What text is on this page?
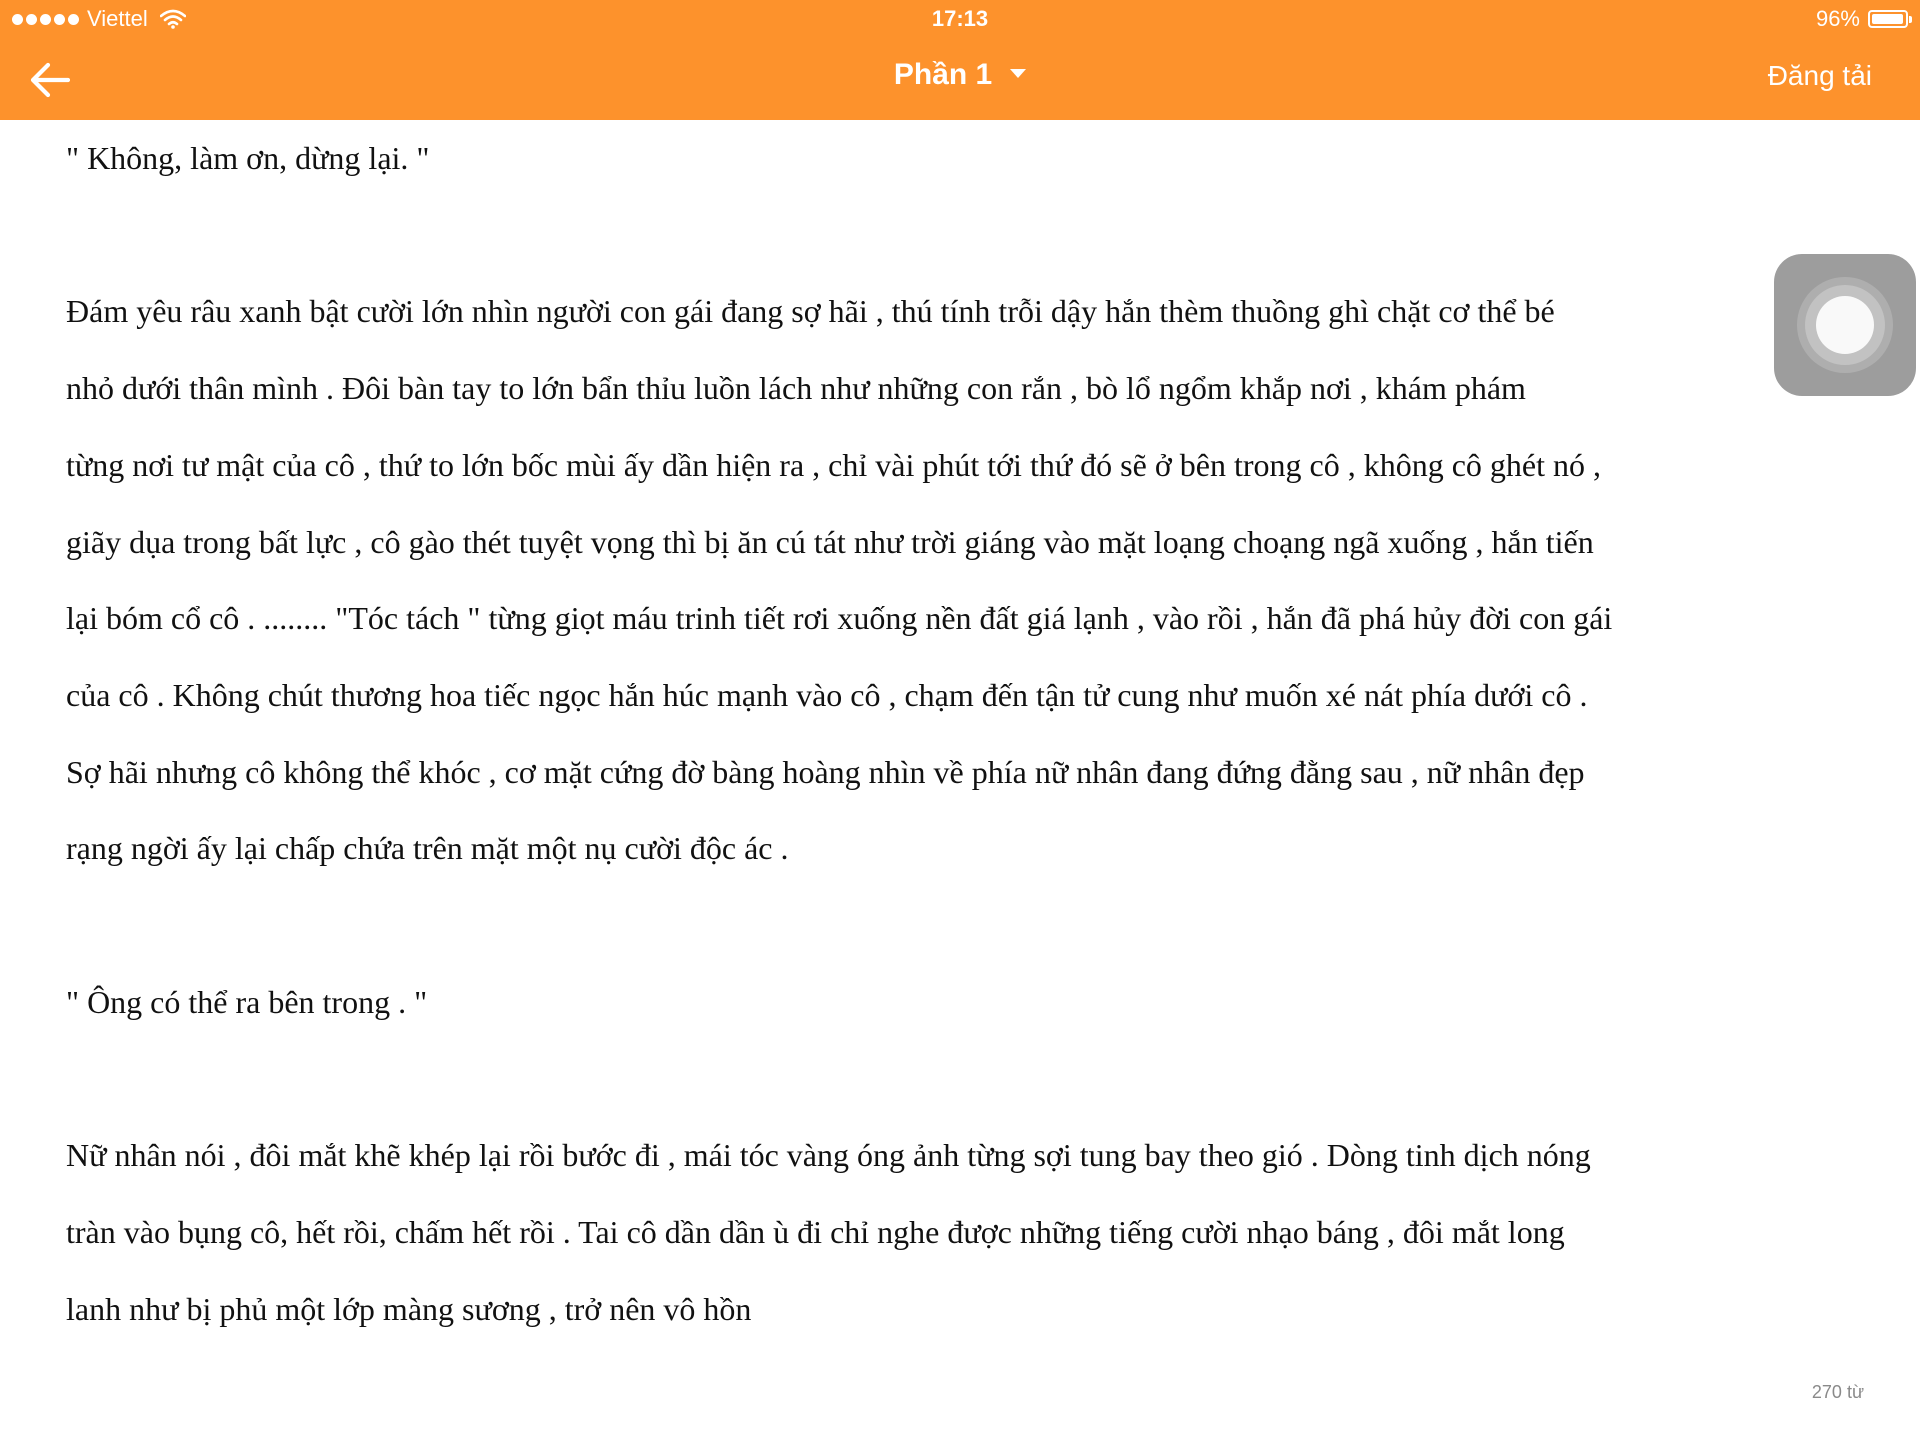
Viettel	17:13	96%
Phần 1	Đăng tải

" Không, làm ơn, dừng lại. "

Đám yêu râu xanh bật cười lớn nhìn người con gái đang sợ hãi , thú tính trỗi dậy hắn thèm thuồng ghì chặt cơ thể bé

nhỏ dưới thân mình . Đôi bàn tay to lớn bẩn thỉu luồn lách như những con rắn , bò lổ ngổm khắp nơi , khám phám

từng nơi tư mật của cô , thứ to lớn bốc mùi ấy dần hiện ra , chỉ vài phút tới thứ đó sẽ ở bên trong cô , không cô ghét nó ,

giãy dụa trong bất lực , cô gào thét tuyệt vọng thì bị ăn cú tát như trời giáng vào mặt loạng choạng ngã xuống , hắn tiến

lại bóm cổ cô . ........ "Tóc tách " từng giọt máu trinh tiết rơi xuống nền đất giá lạnh , vào rồi , hắn đã phá hủy đời con gái

của cô . Không chút thương hoa tiếc ngọc hắn húc mạnh vào cô , chạm đến tận tử cung như muốn xé nát phía dưới cô .

Sợ hãi nhưng cô không thể khóc , cơ mặt cứng đờ bàng hoàng nhìn về phía nữ nhân đang đứng đằng sau , nữ nhân đẹp

rạng ngời ấy lại chấp chứa trên mặt một nụ cười độc ác .

" Ông có thể ra bên trong . "

Nữ nhân nói , đôi mắt khẽ khép lại rồi bước đi , mái tóc vàng óng ảnh từng sợi tung bay theo gió . Dòng tinh dịch nóng

tràn vào bụng cô, hết rồi, chấm hết rồi . Tai cô dần dần ù đi chỉ nghe được những tiếng cười nhạo báng , đôi mắt long

lanh như bị phủ một lớp màng sương , trở nên vô hồn

270 từ
